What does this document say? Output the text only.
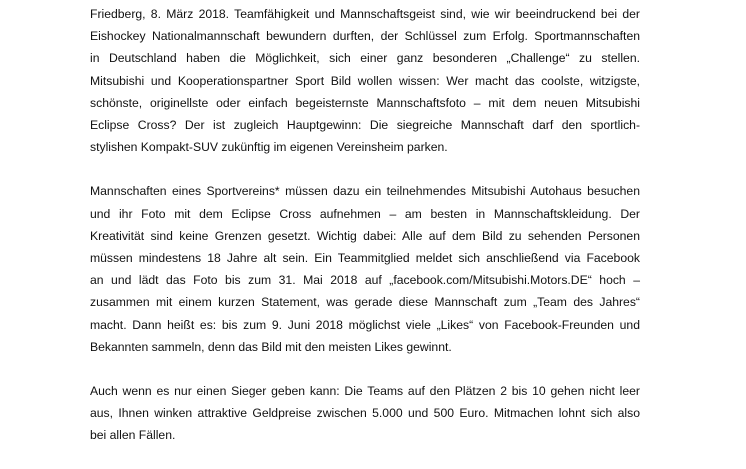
Friedberg, 8. März 2018. Teamfähigkeit und Mannschaftsgeist sind, wie wir beeindruckend bei der
Eishockey Nationalmannschaft bewundern durften, der Schlüssel zum Erfolg. Sportmannschaften
in Deutschland haben die Möglichkeit, sich einer ganz besonderen „Challenge“ zu stellen.
Mitsubishi und Kooperationspartner Sport Bild wollen wissen: Wer macht das coolste, witzigste,
schönste, originellste oder einfach begeisternste Mannschaftsfoto – mit dem neuen Mitsubishi
Eclipse Cross? Der ist zugleich Hauptgewinn: Die siegreiche Mannschaft darf den sportlich-
stylishen Kompakt-SUV zukünftig im eigenen Vereinsheim parken.
Mannschaften eines Sportvereins* müssen dazu ein teilnehmendes Mitsubishi Autohaus besuchen
und ihr Foto mit dem Eclipse Cross aufnehmen – am besten in Mannschaftskleidung. Der
Kreativität sind keine Grenzen gesetzt. Wichtig dabei: Alle auf dem Bild zu sehenden Personen
müssen mindestens 18 Jahre alt sein. Ein Teammitglied meldet sich anschließend via Facebook
an und lädt das Foto bis zum 31. Mai 2018 auf „facebook.com/Mitsubishi.Motors.DE“ hoch –
zusammen mit einem kurzen Statement, was gerade diese Mannschaft zum „Team des Jahres“
macht. Dann heißt es: bis zum 9. Juni 2018 möglichst viele „Likes“ von Facebook-Freunden und
Bekannten sammeln, denn das Bild mit den meisten Likes gewinnt.
Auch wenn es nur einen Sieger geben kann: Die Teams auf den Plätzen 2 bis 10 gehen nicht leer
aus, Ihnen winken attraktive Geldpreise zwischen 5.000 und 500 Euro. Mitmachen lohnt sich also
bei allen Fällen.
